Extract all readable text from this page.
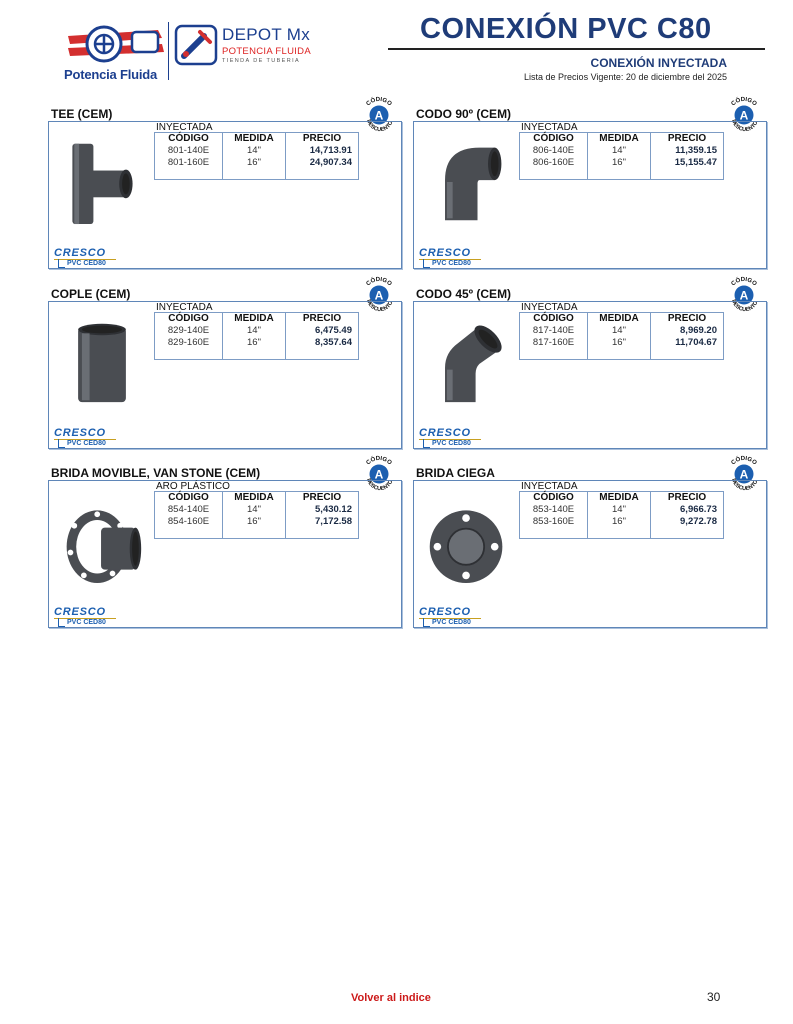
Potencia Fluida
DEPOT Mx
POTENCIA FLUIDA
TIENDA DE TUBERIA
CONEXIÓN PVC C80
CONEXIÓN INYECTADA
Lista de Precios Vigente: 20 de diciembre del 2025
TEE (CEM)	A
CÓDIGO
DESCUENTO
INYECTADA
CÓDIGO	MEDIDA	PRECIO
801-140E	14"	14,713.91
801-160E	16"	24,907.34
CRESCO
PVC CED80
CODO 90º (CEM)	A
CÓDIGO
DESCUENTO
INYECTADA
CÓDIGO	MEDIDA	PRECIO
806-140E	14"	11,359.15
806-160E	16"	15,155.47
CRESCO
PVC CED80
COPLE (CEM)	A
CÓDIGO
DESCUENTO
INYECTADA
CÓDIGO	MEDIDA	PRECIO
829-140E	14"	6,475.49
829-160E	16"	8,357.64
CRESCO
PVC CED80
CODO 45º (CEM)	A
CÓDIGO
DESCUENTO
INYECTADA
CÓDIGO	MEDIDA	PRECIO
817-140E	14"	8,969.20
817-160E	16"	11,704.67
CRESCO
PVC CED80
BRIDA MOVIBLE, VAN STONE (CEM)	A
CÓDIGO
DESCUENTO
ARO PLÁSTICO
CÓDIGO	MEDIDA	PRECIO
854-140E	14"	5,430.12
854-160E	16"	7,172.58
CRESCO
PVC CED80
BRIDA CIEGA	A
CÓDIGO
DESCUENTO
INYECTADA
CÓDIGO	MEDIDA	PRECIO
853-140E	14"	6,966.73
853-160E	16"	9,272.78
CRESCO
PVC CED80
Volver al indice	30
